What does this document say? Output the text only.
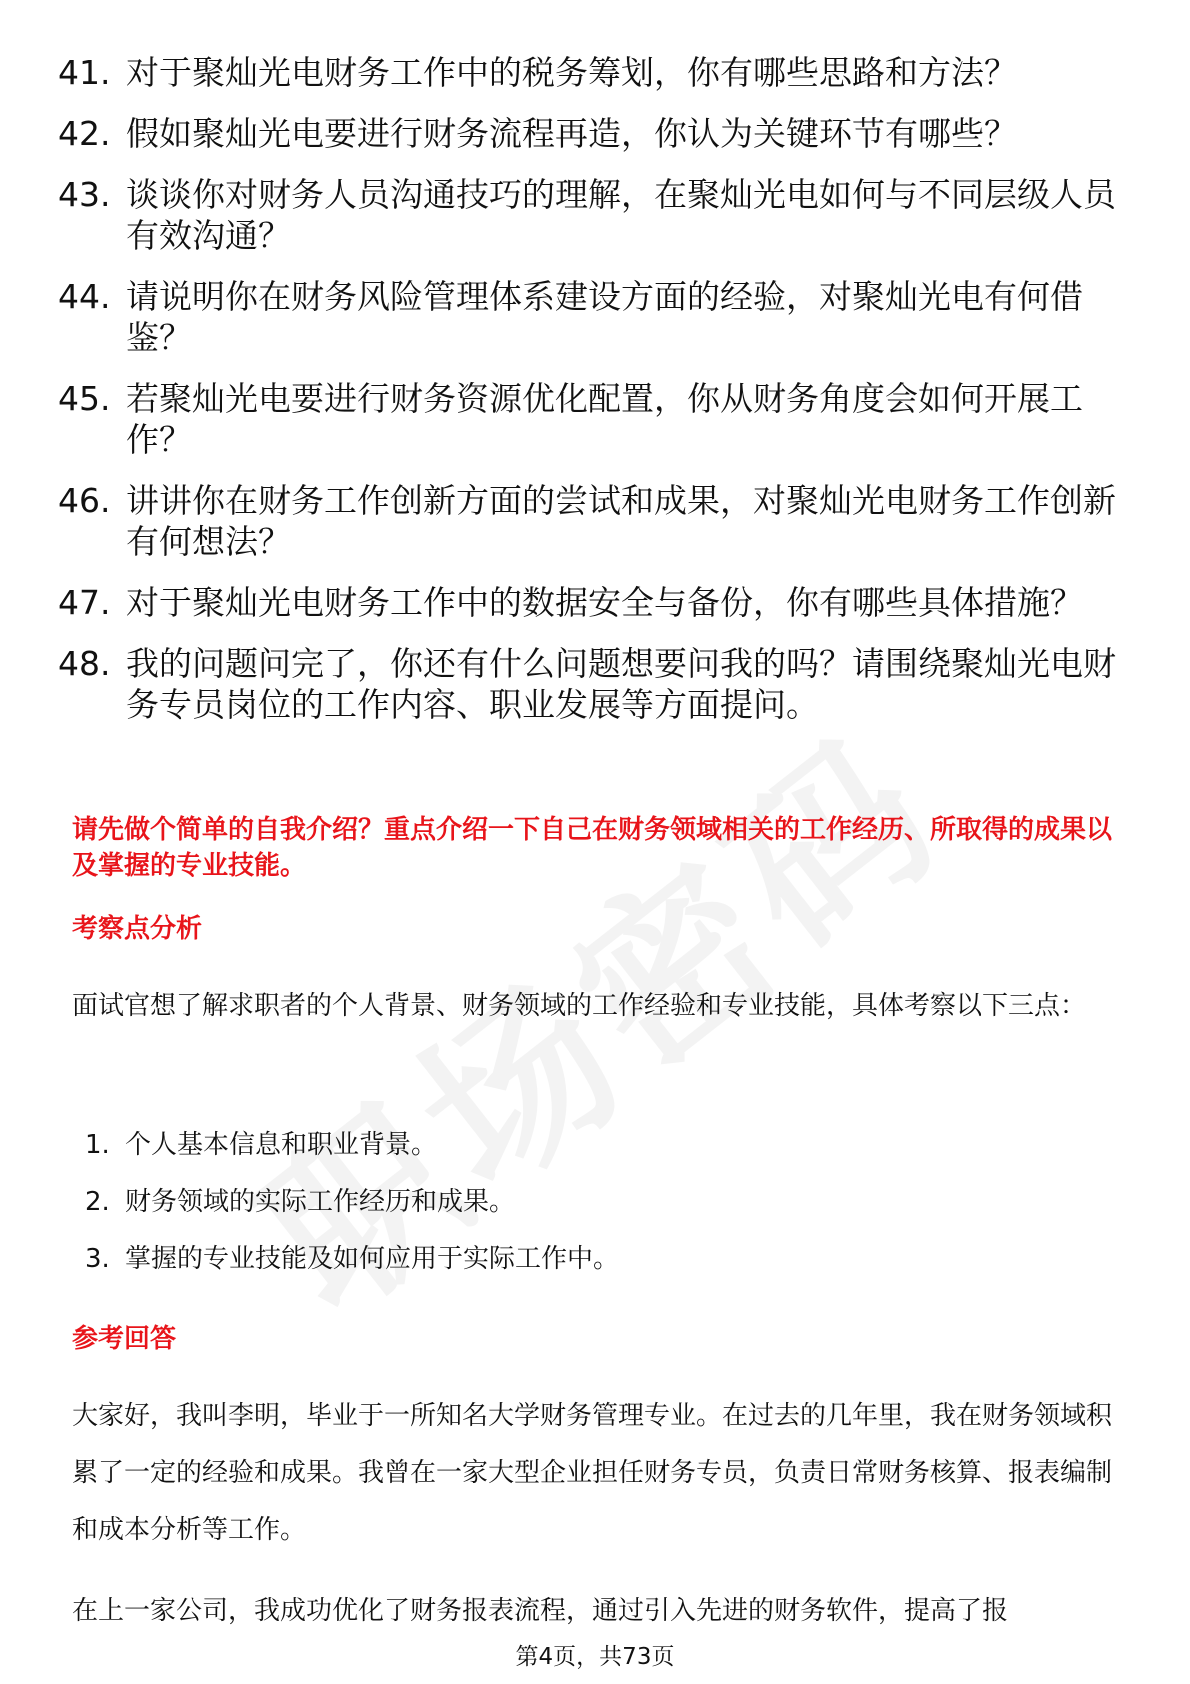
41. 对于聚灿光电财务工作中的税务筹划，你有哪些思路和方法？
42. 假如聚灿光电要进行财务流程再造，你认为关键环节有哪些？
43. 谈谈你对财务人员沟通技巧的理解，在聚灿光电如何与不同层级人员有效沟通？
44. 请说明你在财务风险管理体系建设方面的经验，对聚灿光电有何借鉴？
45. 若聚灿光电要进行财务资源优化配置，你从财务角度会如何开展工作？
46. 讲讲你在财务工作创新方面的尝试和成果，对聚灿光电财务工作创新有何想法？
47. 对于聚灿光电财务工作中的数据安全与备份，你有哪些具体措施？
48. 我的问题问完了，你还有什么问题想要问我的吗？请围绕聚灿光电财务专员岗位的工作内容、职业发展等方面提问。
请先做个简单的自我介绍？重点介绍一下自己在财务领域相关的工作经历、所取得的成果以及掌握的专业技能。
考察点分析
面试官想了解求职者的个人背景、财务领域的工作经验和专业技能，具体考察以下三点：
1. 个人基本信息和职业背景。
2. 财务领域的实际工作经历和成果。
3. 掌握的专业技能及如何应用于实际工作中。
参考回答
大家好，我叫李明，毕业于一所知名大学财务管理专业。在过去的几年里，我在财务领域积累了一定的经验和成果。我曾在一家大型企业担任财务专员，负责日常财务核算、报表编制和成本分析等工作。
在上一家公司，我成功优化了财务报表流程，通过引入先进的财务软件，提高了报
第4页，共73页
